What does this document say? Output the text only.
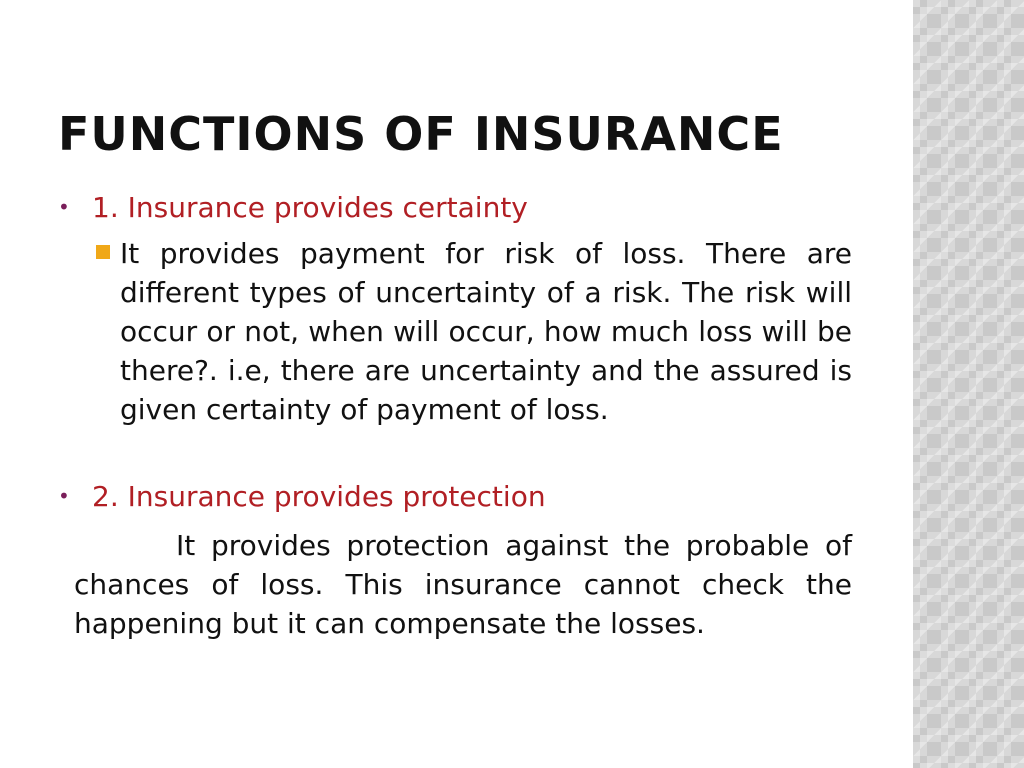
FUNCTIONS OF INSURANCE
• 1. Insurance provides certainty
It provides payment for risk of loss. There are different types of uncertainty of a risk. The risk will occur or not, when will occur, how much loss will be there?. i.e, there are uncertainty and the assured is given certainty of payment of loss.
• 2. Insurance provides protection

It provides protection against the probable of chances of loss. This insurance cannot check the happening but it can compensate the losses.
